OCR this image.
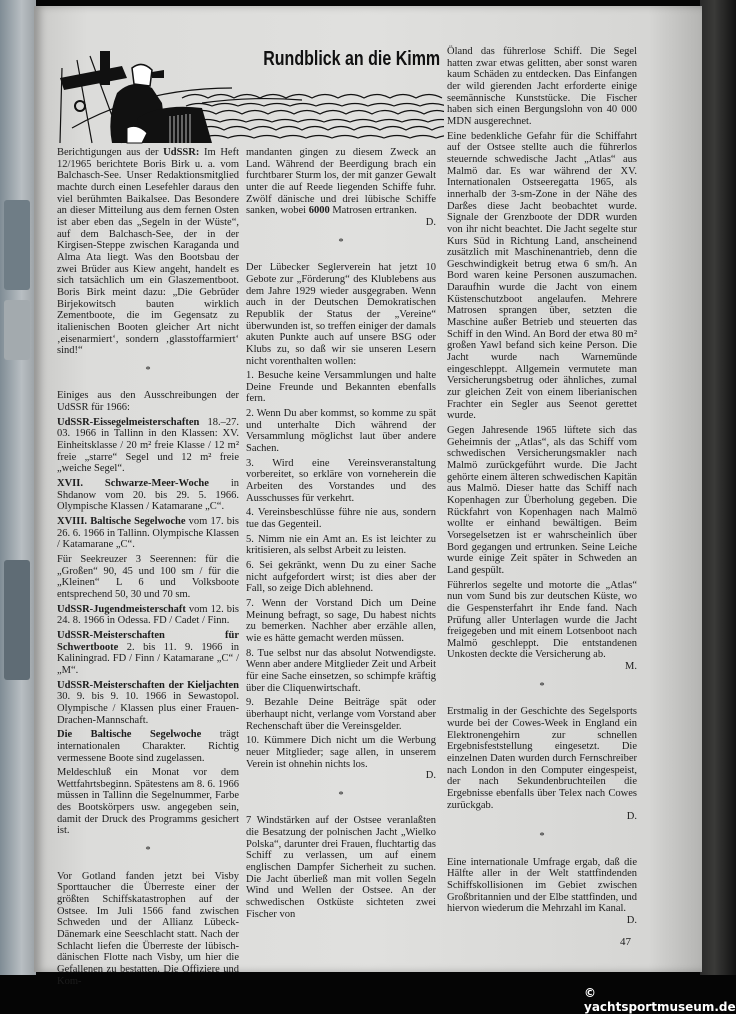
Rundblick an die Kimm

Berichtigungen aus der UdSSR: Im Heft 12/1965 berichtete Boris Birk u. a. vom Balchasch-See. Unser Redaktionsmitglied machte durch einen Lesefehler daraus den viel berühmten Baikalsee. Das Besondere an dieser Mitteilung aus dem fernen Osten ist aber eben das „Segeln in der Wüste“, auf dem Balchasch-See, der in der Kirgisen-Steppe zwischen Karaganda und Alma Ata liegt. Was den Bootsbau der zwei Brüder aus Kiew angeht, handelt es sich tatsächlich um ein Glaszementboot. Boris Birk meint dazu: „Die Gebrüder Birjekowitsch bauten wirklich Zementboote, die im Gegensatz zu italienischen Booten gleicher Art nicht ‚eisenarmiert‘, sondern ‚glasstoffarmiert‘ sind!“

*

Einiges aus den Ausschreibungen der UdSSR für 1966:

UdSSR-Eissegelmeisterschaften 18.–27. 03. 1966 in Tallinn in den Klassen: XV. Einheitsklasse / 20 m² freie Klasse / 12 m² freie „starre“ Segel und 12 m² freie „weiche Segel“.

XVII. Schwarze-Meer-Woche in Shdanow vom 20. bis 29. 5. 1966. Olympische Klassen / Katamarane „C“.

XVIII. Baltische Segelwoche vom 17. bis 26. 6. 1966 in Tallinn. Olympische Klassen / Katamarane „C“.

Für Seekreuzer 3 Seerennen: für die „Großen“ 90, 45 und 100 sm / für die „Kleinen“ L 6 und Volksboote entsprechend 50, 30 und 70 sm.

UdSSR-Jugendmeisterschaft vom 12. bis 24. 8. 1966 in Odessa. FD / Cadet / Finn.

UdSSR-Meisterschaften für Schwertboote 2. bis 11. 9. 1966 in Kaliningrad. FD / Finn / Katamarane „C“ / „M“.

UdSSR-Meisterschaften der Kieljachten 30. 9. bis 9. 10. 1966 in Sewastopol. Olympische / Klassen plus einer Frauen-Drachen-Mannschaft.

Die Baltische Segelwoche trägt internationalen Charakter. Richtig vermessene Boote sind zugelassen.

Meldeschluß ein Monat vor dem Wettfahrtsbeginn. Spätestens am 8. 6. 1966 müssen in Tallinn die Segelnummer, Farbe des Bootskörpers usw. angegeben sein, damit der Druck des Programms gesichert ist.

*

Vor Gotland fanden jetzt bei Visby Sporttaucher die Überreste einer der größten Schiffskatastrophen auf der Ostsee. Im Juli 1566 fand zwischen Schweden und der Allianz Lübeck-Dänemark eine Seeschlacht statt. Nach der Schlacht liefen die Überreste der lübisch-dänischen Flotte nach Visby, um hier die Gefallenen zu bestatten. Die Offiziere und Kom-

mandanten gingen zu diesem Zweck an Land. Während der Beerdigung brach ein furchtbarer Sturm los, der mit ganzer Gewalt unter die auf Reede liegenden Schiffe fuhr. Zwölf dänische und drei lübische Schiffe sanken, wobei 6000 Matrosen ertranken.
D.

*

Der Lübecker Seglerverein hat jetzt 10 Gebote zur „Förderung“ des Klublebens aus dem Jahre 1929 wieder ausgegraben. Wenn auch in der Deutschen Demokratischen Republik der Status der „Vereine“ überwunden ist, so treffen einiger der damals akuten Punkte auch auf unsere BSG oder Klubs zu, so daß wir sie unseren Lesern nicht vorenthalten wollen:

1. Besuche keine Versammlungen und halte Deine Freunde und Bekannten ebenfalls fern.

2. Wenn Du aber kommst, so komme zu spät und unterhalte Dich während der Versammlung möglichst laut über andere Sachen.

3. Wird eine Vereinsveranstaltung vorbereitet, so erkläre von vorneherein die Arbeiten des Vorstandes und des Ausschusses für verkehrt.

4. Vereinsbeschlüsse führe nie aus, sondern tue das Gegenteil.

5. Nimm nie ein Amt an. Es ist leichter zu kritisieren, als selbst Arbeit zu leisten.

6. Sei gekränkt, wenn Du zu einer Sache nicht aufgefordert wirst; ist dies aber der Fall, so zeige Dich ablehnend.

7. Wenn der Vorstand Dich um Deine Meinung befragt, so sage, Du habest nichts zu bemerken. Nachher aber erzähle allen, wie es hätte gemacht werden müssen.

8. Tue selbst nur das absolut Notwendigste. Wenn aber andere Mitglieder Zeit und Arbeit für eine Sache einsetzen, so schimpfe kräftig über die Cliquenwirtschaft.

9. Bezahle Deine Beiträge spät oder überhaupt nicht, verlange vom Vorstand aber Rechenschaft über die Vereinsgelder.

10. Kümmere Dich nicht um die Werbung neuer Mitglieder; sage allen, in unserem Verein ist ohnehin nichts los.
D.

*

7 Windstärken auf der Ostsee veranlaßten die Besatzung der polnischen Jacht „Wielko Polska“, darunter drei Frauen, fluchtartig das Schiff zu verlassen, um auf einem englischen Dampfer Sicherheit zu suchen. Die Jacht überließ man mit vollen Segeln Wind und Wellen der Ostsee. An der schwedischen Ostküste sichteten zwei Fischer von

Öland das führerlose Schiff. Die Segel hatten zwar etwas gelitten, aber sonst waren kaum Schäden zu entdecken. Das Einfangen der wild gierenden Jacht erforderte einige seemännische Kunststücke. Die Fischer haben sich einen Bergungslohn von 40 000 MDN ausgerechnet.

Eine bedenkliche Gefahr für die Schiffahrt auf der Ostsee stellte auch die führerlos steuernde schwedische Jacht „Atlas“ aus Malmö dar. Es war während der XV. Internationalen Ostseeregatta 1965, als innerhalb der 3-sm-Zone in der Nähe des Darßes diese Jacht beobachtet wurde. Signale der Grenzboote der DDR wurden von ihr nicht beachtet. Die Jacht segelte stur Kurs Süd in Richtung Land, anscheinend zusätzlich mit Maschinenantrieb, denn die Geschwindigkeit betrug etwa 6 sm/h. An Bord waren keine Personen auszumachen. Daraufhin wurde die Jacht von einem Küstenschutzboot angelaufen. Mehrere Matrosen sprangen über, setzten die Maschine außer Betrieb und steuerten das Schiff in den Wind. An Bord der etwa 80 m² großen Yawl befand sich keine Person. Die Jacht wurde nach Warnemünde eingeschleppt. Allgemein vermutete man Versicherungsbetrug oder ähnliches, zumal zur gleichen Zeit von einem liberianischen Frachter ein Segler aus Seenot gerettet wurde.

Gegen Jahresende 1965 lüftete sich das Geheimnis der „Atlas“, als das Schiff vom schwedischen Versicherungsmakler nach Malmö zurückgeführt wurde. Die Jacht gehörte einem älteren schwedischen Kapitän aus Malmö. Dieser hatte das Schiff nach Kopenhagen zur Überholung gegeben. Die Rückfahrt von Kopenhagen nach Malmö wollte er einhand bewältigen. Beim Vorsegelsetzen ist er wahrscheinlich über Bord gegangen und ertrunken. Seine Leiche wurde einige Zeit später in Schweden an Land gespült.

Führerlos segelte und motorte die „Atlas“ nun vom Sund bis zur deutschen Küste, wo die Gespensterfahrt ihr Ende fand. Nach Prüfung aller Unterlagen wurde die Jacht freigegeben und mit einem Lotsenboot nach Malmö geschleppt. Die entstandenen Unkosten deckte die Versicherung ab.
M.

*

Erstmalig in der Geschichte des Segelsports wurde bei der Cowes-Week in England ein Elektronengehirn zur schnellen Ergebnisfeststellung eingesetzt. Die einzelnen Daten wurden durch Fernschreiber nach London in den Computer eingespeist, der nach Sekundenbruchteilen die Ergebnisse ebenfalls über Telex nach Cowes zurückgab.
D.

*

Eine internationale Umfrage ergab, daß die Hälfte aller in der Welt stattfindenden Schiffskollisionen im Gebiet zwischen Großbritannien und der Elbe stattfinden, und hiervon wiederum die Mehrzahl im Kanal.
D.

47
© yachtsportmuseum.de
